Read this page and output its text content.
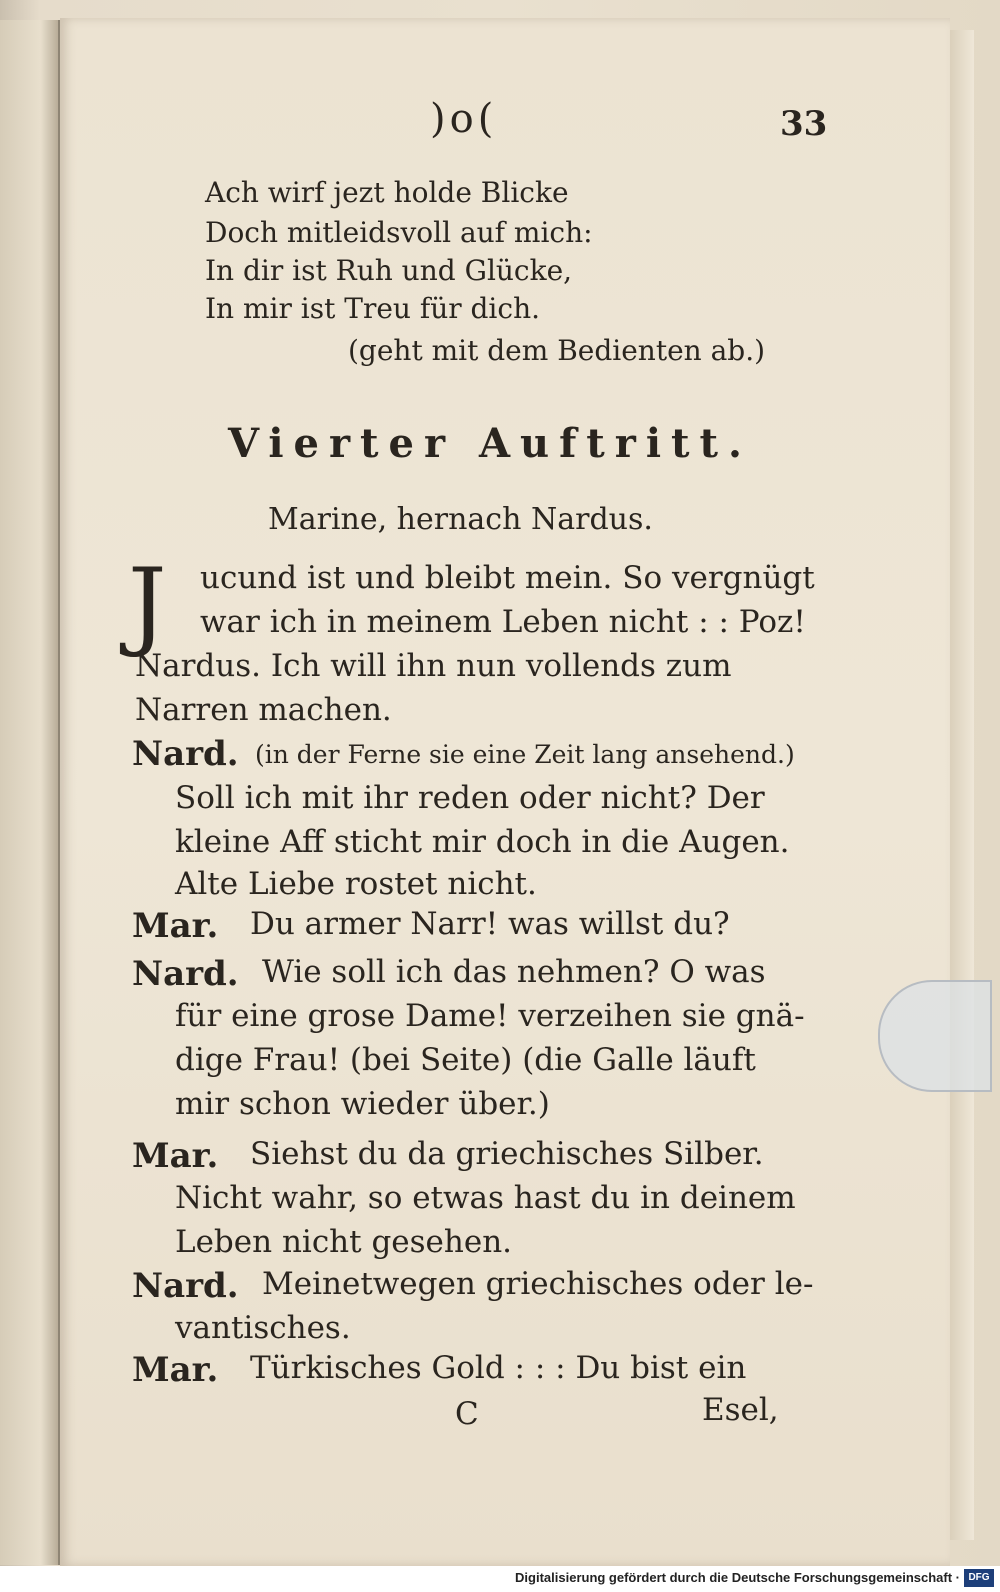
)o(	33
Ach wirf jezt holde Blicke
Doch mitleidsvoll auf mich:
In dir ist Ruh und Glücke,
In mir ist Treu für dich.
(geht mit dem Bedienten ab.)
Vierter Auftritt.
Marine, hernach Nardus.
J ucund ist und bleibt mein. So vergnügt
war ich in meinem Leben nicht : : Poz!
Nardus. Ich will ihn nun vollends zum
Narren machen.
Nard. (in der Ferne sie eine Zeit lang ansehend.)
Soll ich mit ihr reden oder nicht? Der
kleine Aff sticht mir doch in die Augen.
Alte Liebe rostet nicht.
Mar. Du armer Narr! was willst du?
Nard. Wie soll ich das nehmen? O was
für eine grose Dame! verzeihen sie gnä-
dige Frau! (bei Seite) (die Galle läuft
mir schon wieder über.)
Mar. Siehst du da griechisches Silber.
Nicht wahr, so etwas hast du in deinem
Leben nicht gesehen.
Nard. Meinetwegen griechisches oder le-
vantisches.
Mar. Türkisches Gold : : : Du bist ein
C	Esel,
Digitalisierung gefördert durch die Deutsche Forschungsgemeinschaft · DFG
